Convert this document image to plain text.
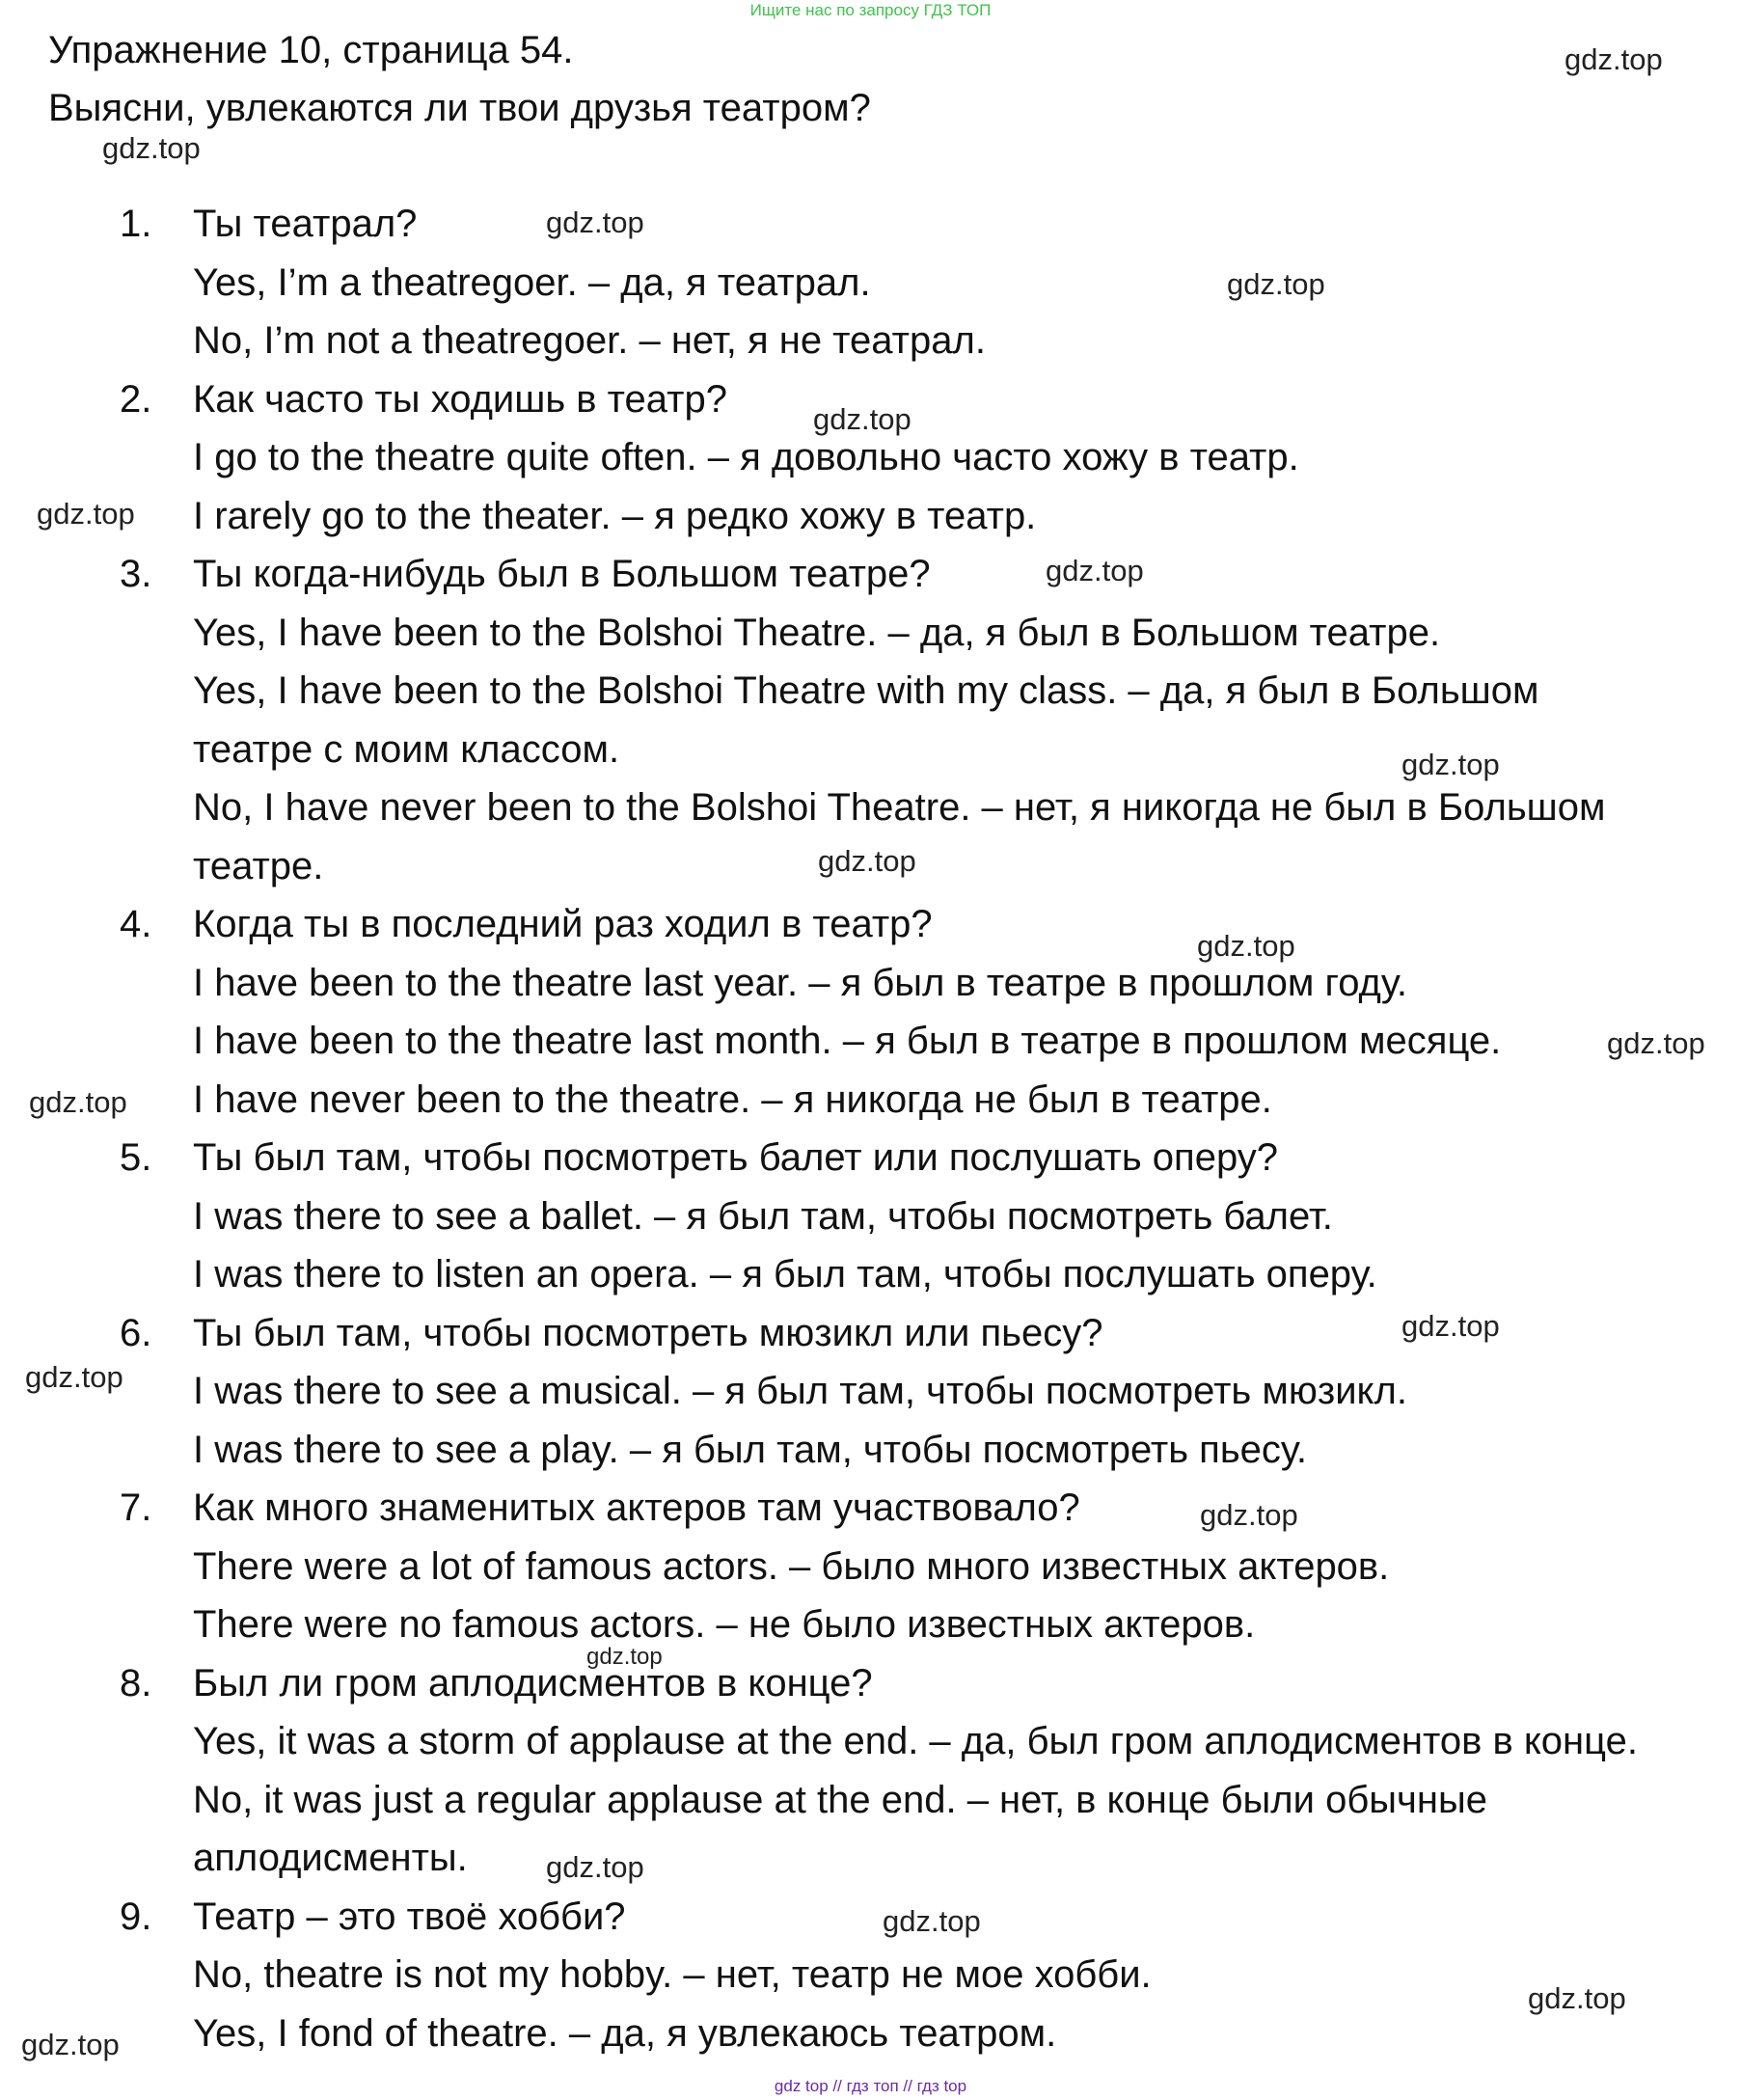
Ищите нас по запросу ГДЗ ТОП
Упражнение 10, страница 54.
Выясни, увлекаются ли твои друзья театром?
gdz.top
gdz.top
gdz.top
gdz.top
gdz.top
gdz.top
gdz.top
gdz.top
gdz.top
gdz.top
gdz.top
gdz.top
gdz.top
gdz.top
gdz.top
gdz.top
gdz.top
gdz.top
gdz.top
gdz.top
1. Ты театрал?
Yes, I’m a theatregoer. – да, я театрал.
No, I’m not a theatregoer. – нет, я не театрал.
2. Как часто ты ходишь в театр?
I go to the theatre quite often. – я довольно часто хожу в театр.
I rarely go to the theater. – я редко хожу в театр.
3. Ты когда-нибудь был в Большом театре?
Yes, I have been to the Bolshoi Theatre. – да, я был в Большом театре.
Yes, I have been to the Bolshoi Theatre with my class. – да, я был в Большом
театре с моим классом.
No, I have never been to the Bolshoi Theatre. – нет, я никогда не был в Большом
театре.
4. Когда ты в последний раз ходил в театр?
I have been to the theatre last year. – я был в театре в прошлом году.
I have been to the theatre last month. – я был в театре в прошлом месяце.
I have never been to the theatre. – я никогда не был в театре.
5. Ты был там, чтобы посмотреть балет или послушать оперу?
I was there to see a ballet. – я был там, чтобы посмотреть балет.
I was there to listen an opera. – я был там, чтобы послушать оперу.
6. Ты был там, чтобы посмотреть мюзикл или пьесу?
I was there to see a musical. – я был там, чтобы посмотреть мюзикл.
I was there to see a play. – я был там, чтобы посмотреть пьесу.
7. Как много знаменитых актеров там участвовало?
There were a lot of famous actors. – было много известных актеров.
There were no famous actors. – не было известных актеров.
8. Был ли гром аплодисментов в конце?
Yes, it was a storm of applause at the end. – да, был гром аплодисментов в конце.
No, it was just a regular applause at the end. – нет, в конце были обычные
аплодисменты.
9. Театр – это твоё хобби?
No, theatre is not my hobby. – нет, театр не мое хобби.
Yes, I fond of theatre. – да, я увлекаюсь театром.
gdz top // гдз топ // гдз top
